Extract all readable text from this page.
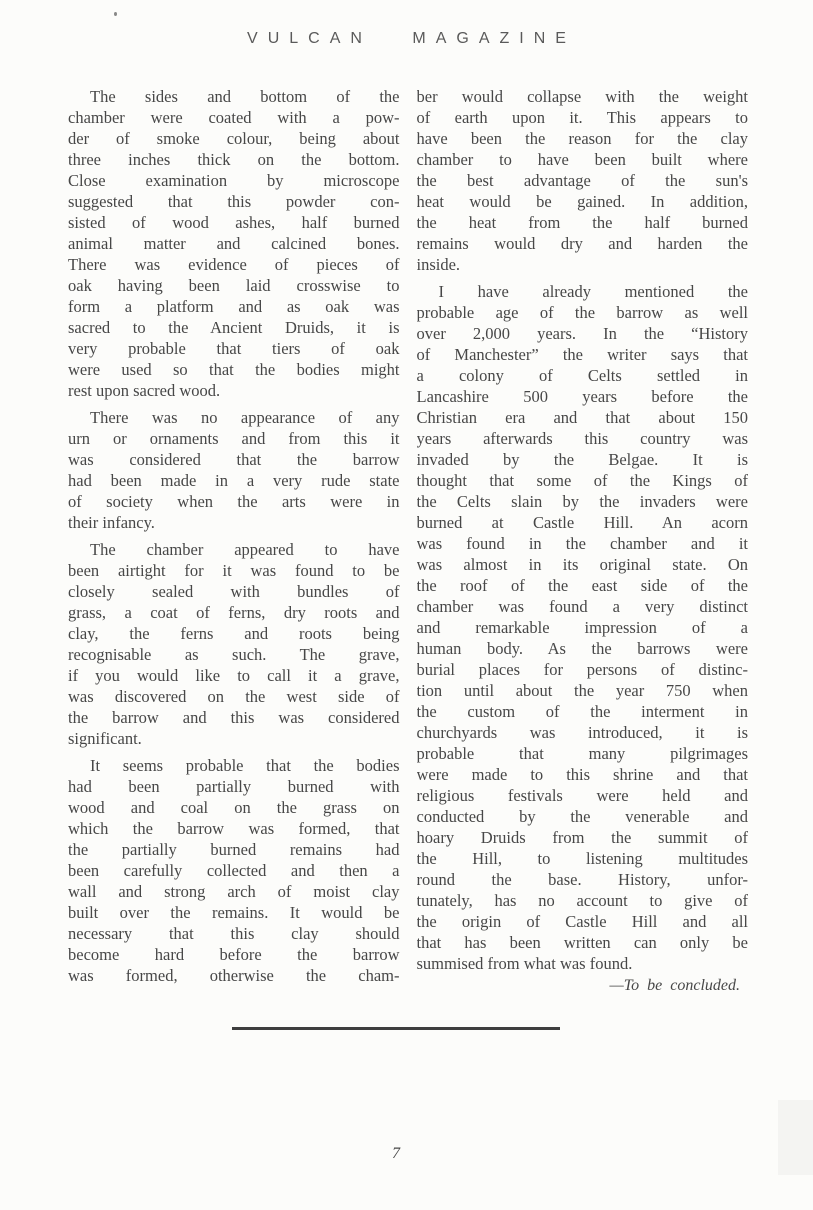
VULCAN MAGAZINE
The sides and bottom of the
chamber were coated with a pow-
der of smoke colour, being about
three inches thick on the bottom.
Close examination by microscope
suggested that this powder con-
sisted of wood ashes, half burned
animal matter and calcined bones.
There was evidence of pieces of
oak having been laid crosswise to
form a platform and as oak was
sacred to the Ancient Druids, it is
very probable that tiers of oak
were used so that the bodies might
rest upon sacred wood.
There was no appearance of any
urn or ornaments and from this it
was considered that the barrow
had been made in a very rude state
of society when the arts were in
their infancy.
The chamber appeared to have
been airtight for it was found to be
closely sealed with bundles of
grass, a coat of ferns, dry roots and
clay, the ferns and roots being
recognisable as such. The grave,
if you would like to call it a grave,
was discovered on the west side of
the barrow and this was considered
significant.
It seems probable that the bodies
had been partially burned with
wood and coal on the grass on
which the barrow was formed, that
the partially burned remains had
been carefully collected and then a
wall and strong arch of moist clay
built over the remains. It would be
necessary that this clay should
become hard before the barrow
was formed, otherwise the cham-
ber would collapse with the weight
of earth upon it. This appears to
have been the reason for the clay
chamber to have been built where
the best advantage of the sun's
heat would be gained. In addition,
the heat from the half burned
remains would dry and harden the
inside.
I have already mentioned the
probable age of the barrow as well
over 2,000 years. In the “History
of Manchester” the writer says that
a colony of Celts settled in
Lancashire 500 years before the
Christian era and that about 150
years afterwards this country was
invaded by the Belgae. It is
thought that some of the Kings of
the Celts slain by the invaders were
burned at Castle Hill. An acorn
was found in the chamber and it
was almost in its original state. On
the roof of the east side of the
chamber was found a very distinct
and remarkable impression of a
human body. As the barrows were
burial places for persons of distinc-
tion until about the year 750 when
the custom of the interment in
churchyards was introduced, it is
probable that many pilgrimages
were made to this shrine and that
religious festivals were held and
conducted by the venerable and
hoary Druids from the summit of
the Hill, to listening multitudes
round the base. History, unfor-
tunately, has no account to give of
the origin of Castle Hill and all
that has been written can only be
summised from what was found.
—To be concluded.
7
